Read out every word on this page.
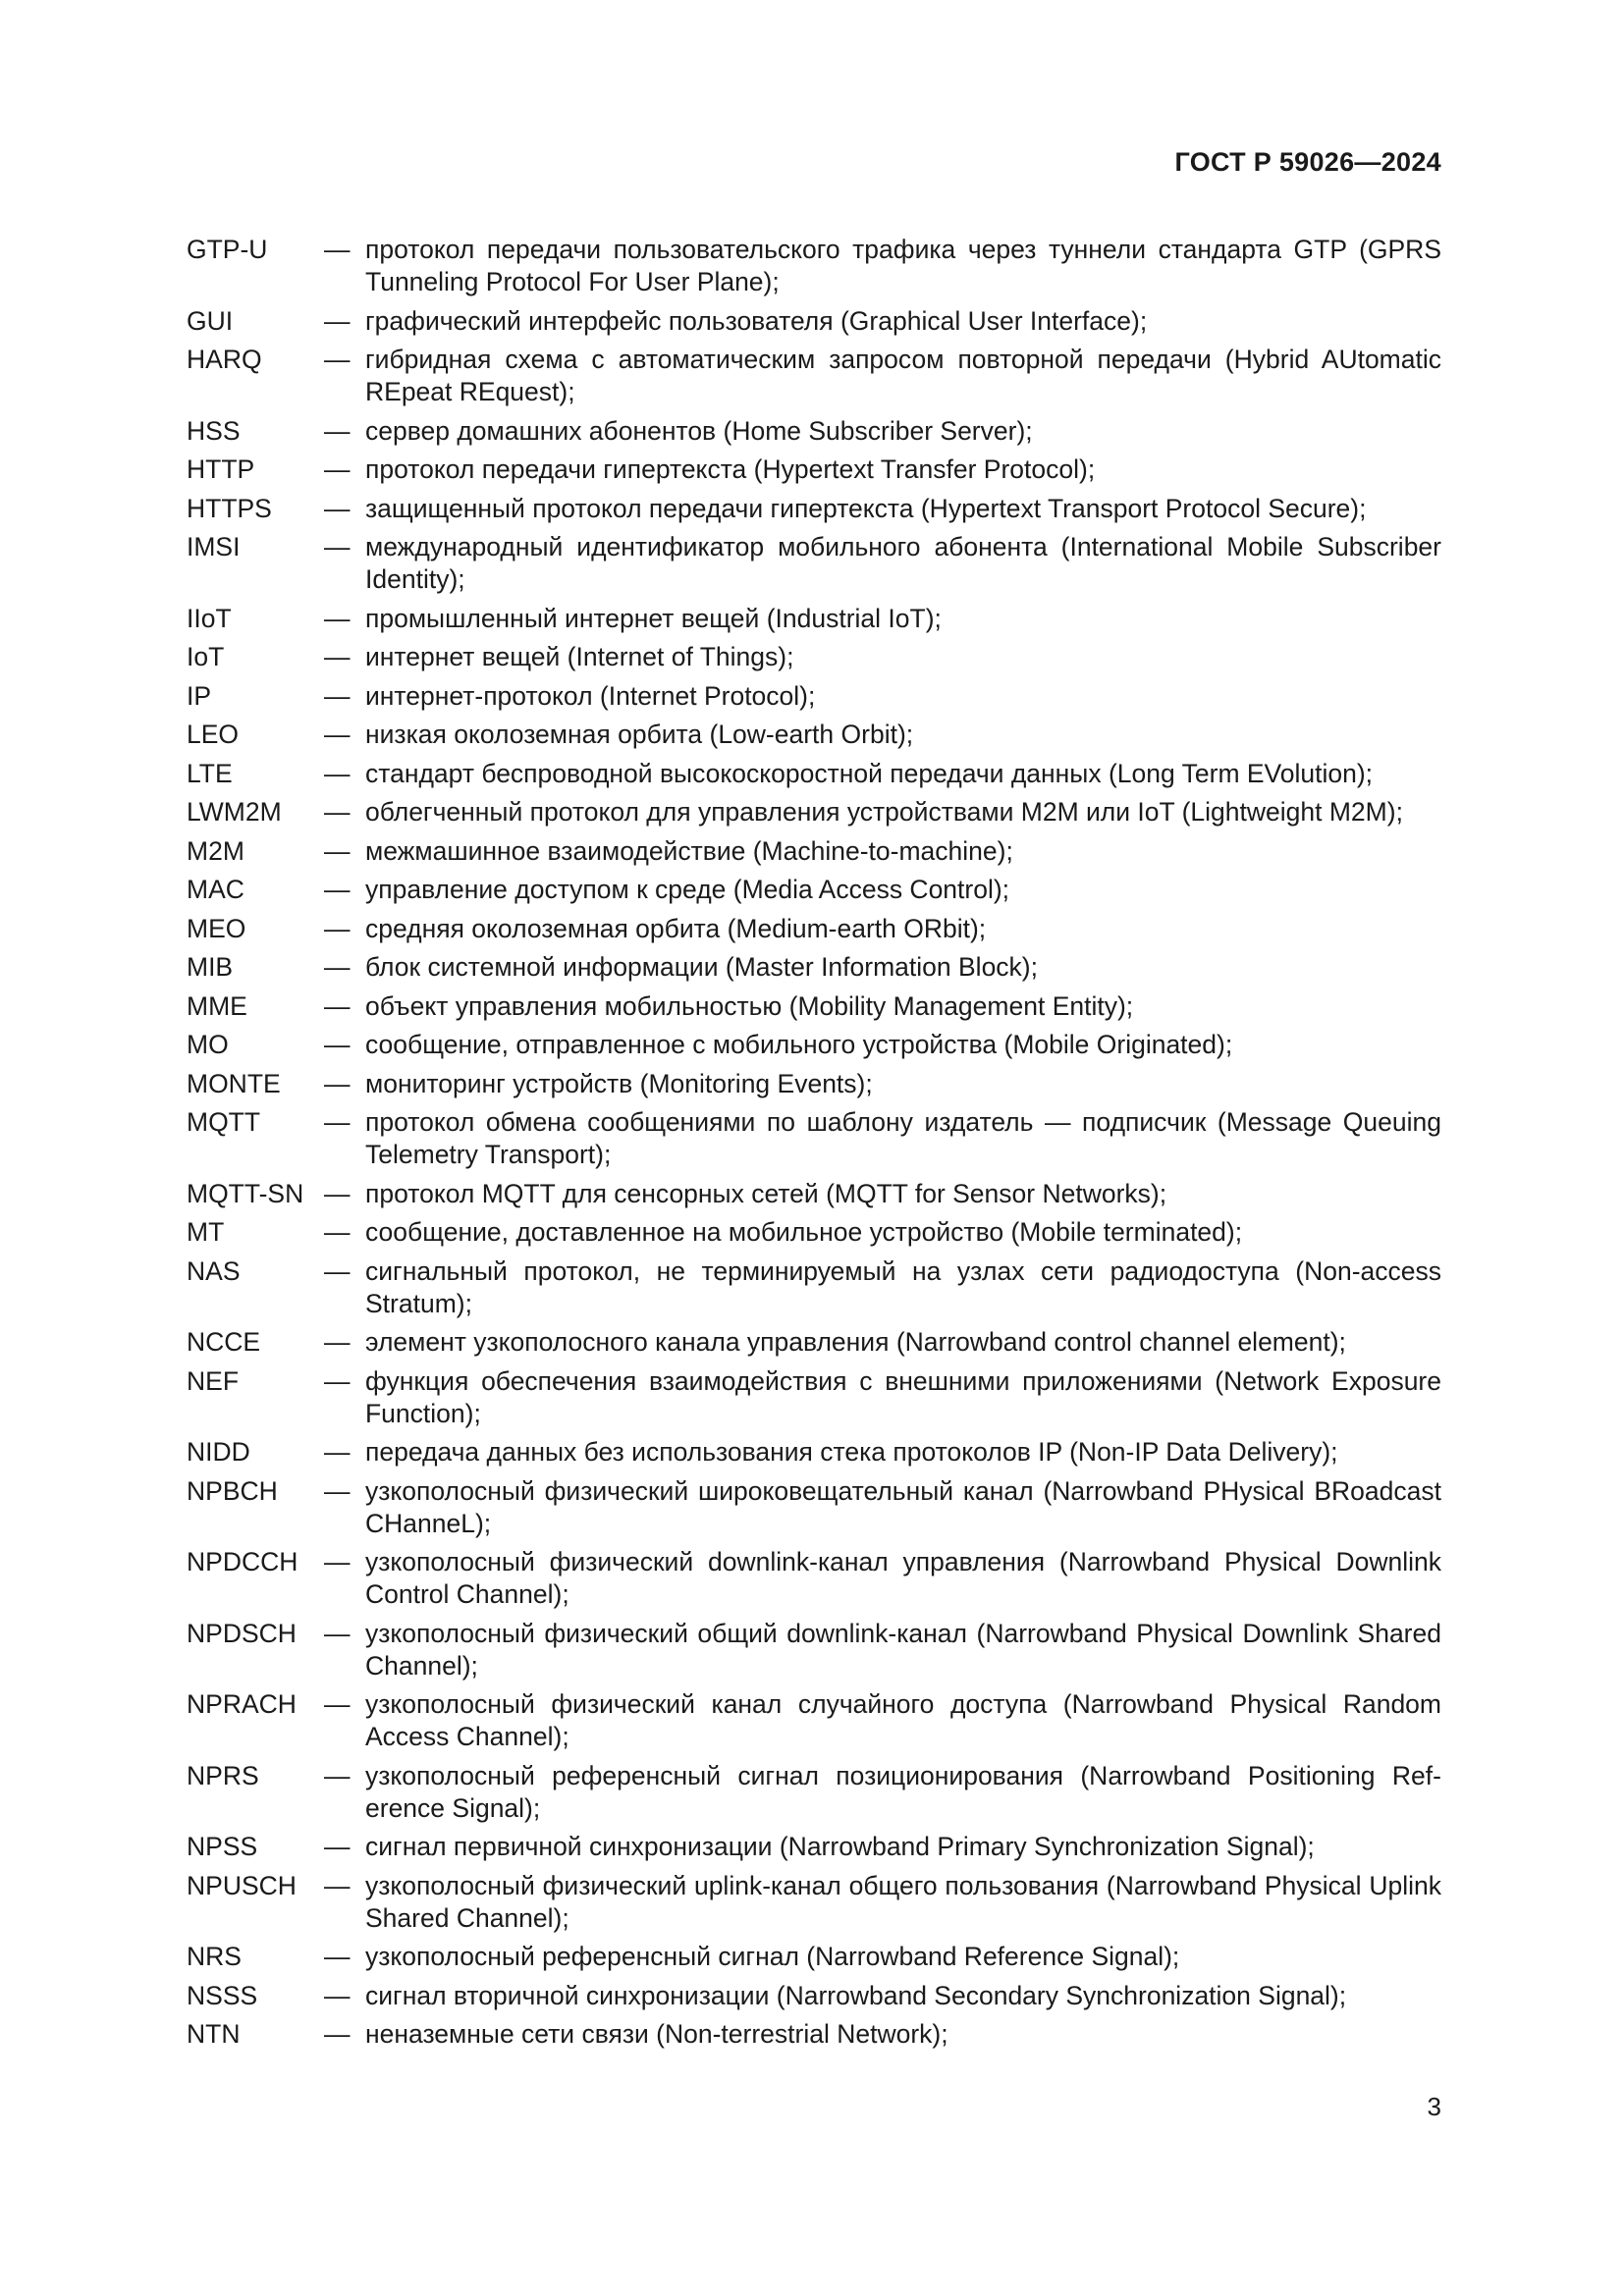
ГОСТ Р 59026—2024
GTP-U	— протокол передачи пользовательского трафика через туннели стандарта GTP (GPRS Tunneling Protocol For User Plane);
GUI	— графический интерфейс пользователя (Graphical User Interface);
HARQ	— гибридная схема с автоматическим запросом повторной передачи (Hybrid AUtomatic REpeat REquest);
HSS	— сервер домашних абонентов (Home Subscriber Server);
HTTP	— протокол передачи гипертекста (Hypertext Transfer Protocol);
HTTPS	— защищенный протокол передачи гипертекста (Hypertext Transport Protocol Secure);
IMSI	— международный идентификатор мобильного абонента (International Mobile Subscriber Identity);
IIoT	— промышленный интернет вещей (Industrial IoT);
IoT	— интернет вещей (Internet of Things);
IP	— интернет-протокол (Internet Protocol);
LEO	— низкая околоземная орбита (Low-earth Orbit);
LTE	— стандарт беспроводной высокоскоростной передачи данных (Long Term EVolution);
LWM2M	— облегченный протокол для управления устройствами M2M или IoT (Lightweight M2M);
M2M	— межмашинное взаимодействие (Machine-to-machine);
MAC	— управление доступом к среде (Media Access Control);
MEO	— средняя околоземная орбита (Medium-earth ORbit);
MIB	— блок системной информации (Master Information Block);
MME	— объект управления мобильностью (Mobility Management Entity);
MO	— сообщение, отправленное с мобильного устройства (Mobile Originated);
MONTE	— мониторинг устройств (Monitoring Events);
MQTT	— протокол обмена сообщениями по шаблону издатель — подписчик (Message Queuing Telemetry Transport);
MQTT-SN — протокол MQTT для сенсорных сетей (MQTT for Sensor Networks);
MT	— сообщение, доставленное на мобильное устройство (Mobile terminated);
NAS	— сигнальный протокол, не терминируемый на узлах сети радиодоступа (Non-access Stratum);
NCCE	— элемент узкополосного канала управления (Narrowband control channel element);
NEF	— функция обеспечения взаимодействия с внешними приложениями (Network Exposure Function);
NIDD	— передача данных без использования стека протоколов IP (Non-IP Data Delivery);
NPBCH	— узкополосный физический широковещательный канал (Narrowband PHysical BRoadcast CHanneL);
NPDCCH	— узкополосный физический downlink-канал управления (Narrowband Physical Downlink Control Channel);
NPDSCH	— узкополосный физический общий downlink-канал (Narrowband Physical Downlink Shared Channel);
NPRACH	— узкополосный физический канал случайного доступа (Narrowband Physical Random Access Channel);
NPRS	— узкополосный референсный сигнал позиционирования (Narrowband Positioning Reference Signal);
NPSS	— сигнал первичной синхронизации (Narrowband Primary Synchronization Signal);
NPUSCH	— узкополосный физический uplink-канал общего пользования (Narrowband Physical Uplink Shared Channel);
NRS	— узкополосный референсный сигнал (Narrowband Reference Signal);
NSSS	— сигнал вторичной синхронизации (Narrowband Secondary Synchronization Signal);
NTN	— неназемные сети связи (Non-terrestrial Network);
3
